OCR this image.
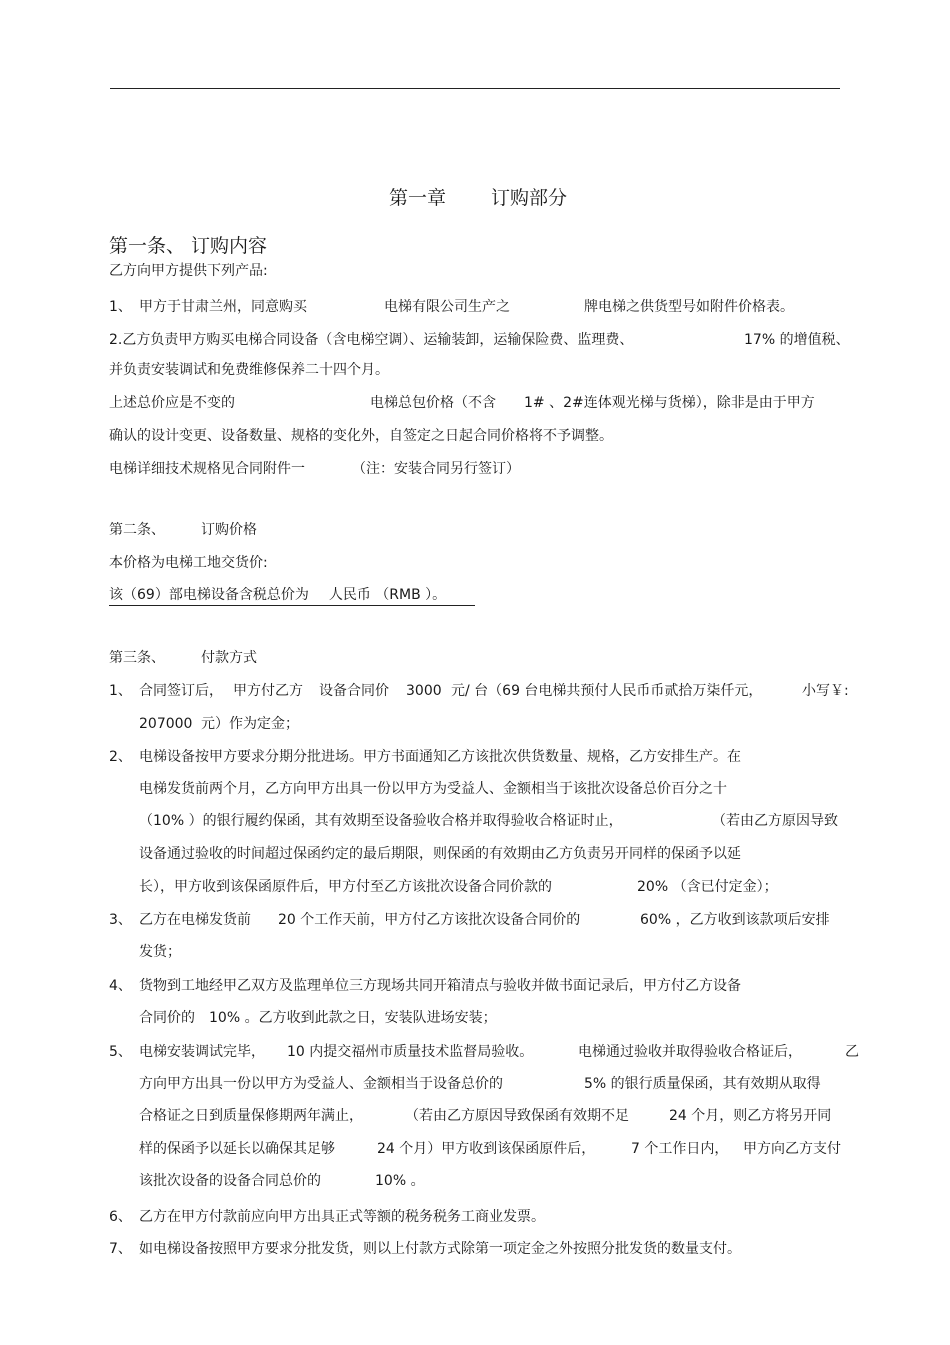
第一章 订购部分
第一条、 订购内容
乙方向甲方提供下列产品:
1、 甲方于甘肃兰州，同意购买	电梯有限公司生产之	牌电梯之供货型号如附件价格表。
2.乙方负责甲方购买电梯合同设备（含电梯空调）、运输装卸，运输保险费、监理费、	17% 的增值税、
并负责安装调试和免费维修保养二十四个月。
上述总价应是不变的	电梯总包价格（不含 1# 、2#连体观光梯与货梯），除非是由于甲方
确认的设计变更、设备数量、规格的变化外，自签定之日起合同价格将不予调整。
电梯详细技术规格见合同附件一	（注：安装合同另行签订）
第二条、	订购价格
本价格为电梯工地交货价:
该（69）部电梯设备含税总价为 人民币 （RMB ）。
第三条、	付款方式
1、 合同签订后， 甲方付乙方 设备合同价 3000 元/ 台（69 台电梯共预付人民币币贰拾万柒仟元，	小写￥:
207000 元）作为定金；
2、 电梯设备按甲方要求分期分批进场。甲方书面通知乙方该批次供货数量、规格，乙方安排生产。在
电梯发货前两个月，乙方向甲方出具一份以甲方为受益人、金额相当于该批次设备总价百分之十
（10% ）的银行履约保函，其有效期至设备验收合格并取得验收合格证时止，	（若由乙方原因导致
设备通过验收的时间超过保函约定的最后期限，则保函的有效期由乙方负责另开同样的保函予以延
长），甲方收到该保函原件后，甲方付至乙方该批次设备合同价款的	20% （含已付定金）；
3、 乙方在电梯发货前 20 个工作天前，甲方付乙方该批次设备合同价的	60% ，乙方收到该款项后安排
发货；
4、 货物到工地经甲乙双方及监理单位三方现场共同开箱清点与验收并做书面记录后，甲方付乙方设备
合同价的 10% 。乙方收到此款之日，安装队进场安装；
5、 电梯安装调试完毕， 10 内提交福州市质量技术监督局验收。	电梯通过验收并取得验收合格证后，	乙
方向甲方出具一份以甲方为受益人、金额相当于设备总价的	5% 的银行质量保函，其有效期从取得
合格证之日到质量保修期两年满止，	（若由乙方原因导致保函有效期不足	24 个月，则乙方将另开同
样的保函予以延长以确保其足够	24 个月）甲方收到该保函原件后，	7 个工作日内， 甲方向乙方支付
该批次设备的设备合同总价的	10% 。
6、 乙方在甲方付款前应向甲方出具正式等额的税务税务工商业发票。
7、 如电梯设备按照甲方要求分批发货，则以上付款方式除第一项定金之外按照分批发货的数量支付。
